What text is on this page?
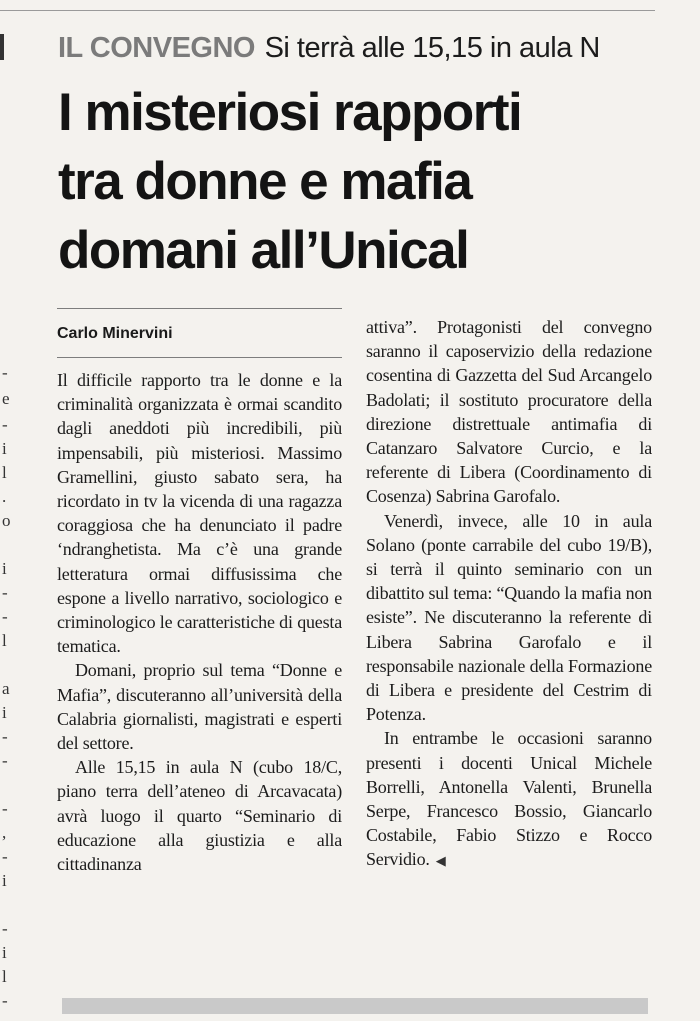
-
e
-
i
l
.
o
i
-
-
l
a
i
-
-
-
,
-
i
-
i
l
-
IL CONVEGNO Si terrà alle 15,15 in aula N
I misteriosi rapporti
tra donne e mafia
domani all’Unical
Carlo Minervini

Il difficile rapporto tra le donne e la criminalità organizzata è ormai scandito dagli aneddoti più incredibili, più impensabili, più misteriosi. Massimo Gramellini, giusto sabato sera, ha ricordato in tv la vicenda di una ragazza coraggiosa che ha denunciato il padre ‘ndranghetista. Ma c’è una grande letteratura ormai diffusissima che espone a livello narrativo, sociologico e criminologico le caratteristiche di questa tematica.

Domani, proprio sul tema “Donne e Mafia”, discuteranno all’università della Calabria giornalisti, magistrati e esperti del settore.

Alle 15,15 in aula N (cubo 18/C, piano terra dell’ateneo di Arcavacata) avrà luogo il quarto “Seminario di educazione alla giustizia e alla cittadinanza

attiva”. Protagonisti del convegno saranno il caposervizio della redazione cosentina di Gazzetta del Sud Arcangelo Badolati; il sostituto procuratore della direzione distrettuale antimafia di Catanzaro Salvatore Curcio, e la referente di Libera (Coordinamento di Cosenza) Sabrina Garofalo.

Venerdì, invece, alle 10 in aula Solano (ponte carrabile del cubo 19/B), si terrà il quinto seminario con un dibattito sul tema: “Quando la mafia non esiste”. Ne discuteranno la referente di Libera Sabrina Garofalo e il responsabile nazionale della Formazione di Libera e presidente del Cestrim di Potenza.

In entrambe le occasioni saranno presenti i docenti Unical Michele Borrelli, Antonella Valenti, Brunella Serpe, Francesco Bossio, Giancarlo Costabile, Fabio Stizzo e Rocco Servidio. ◀
